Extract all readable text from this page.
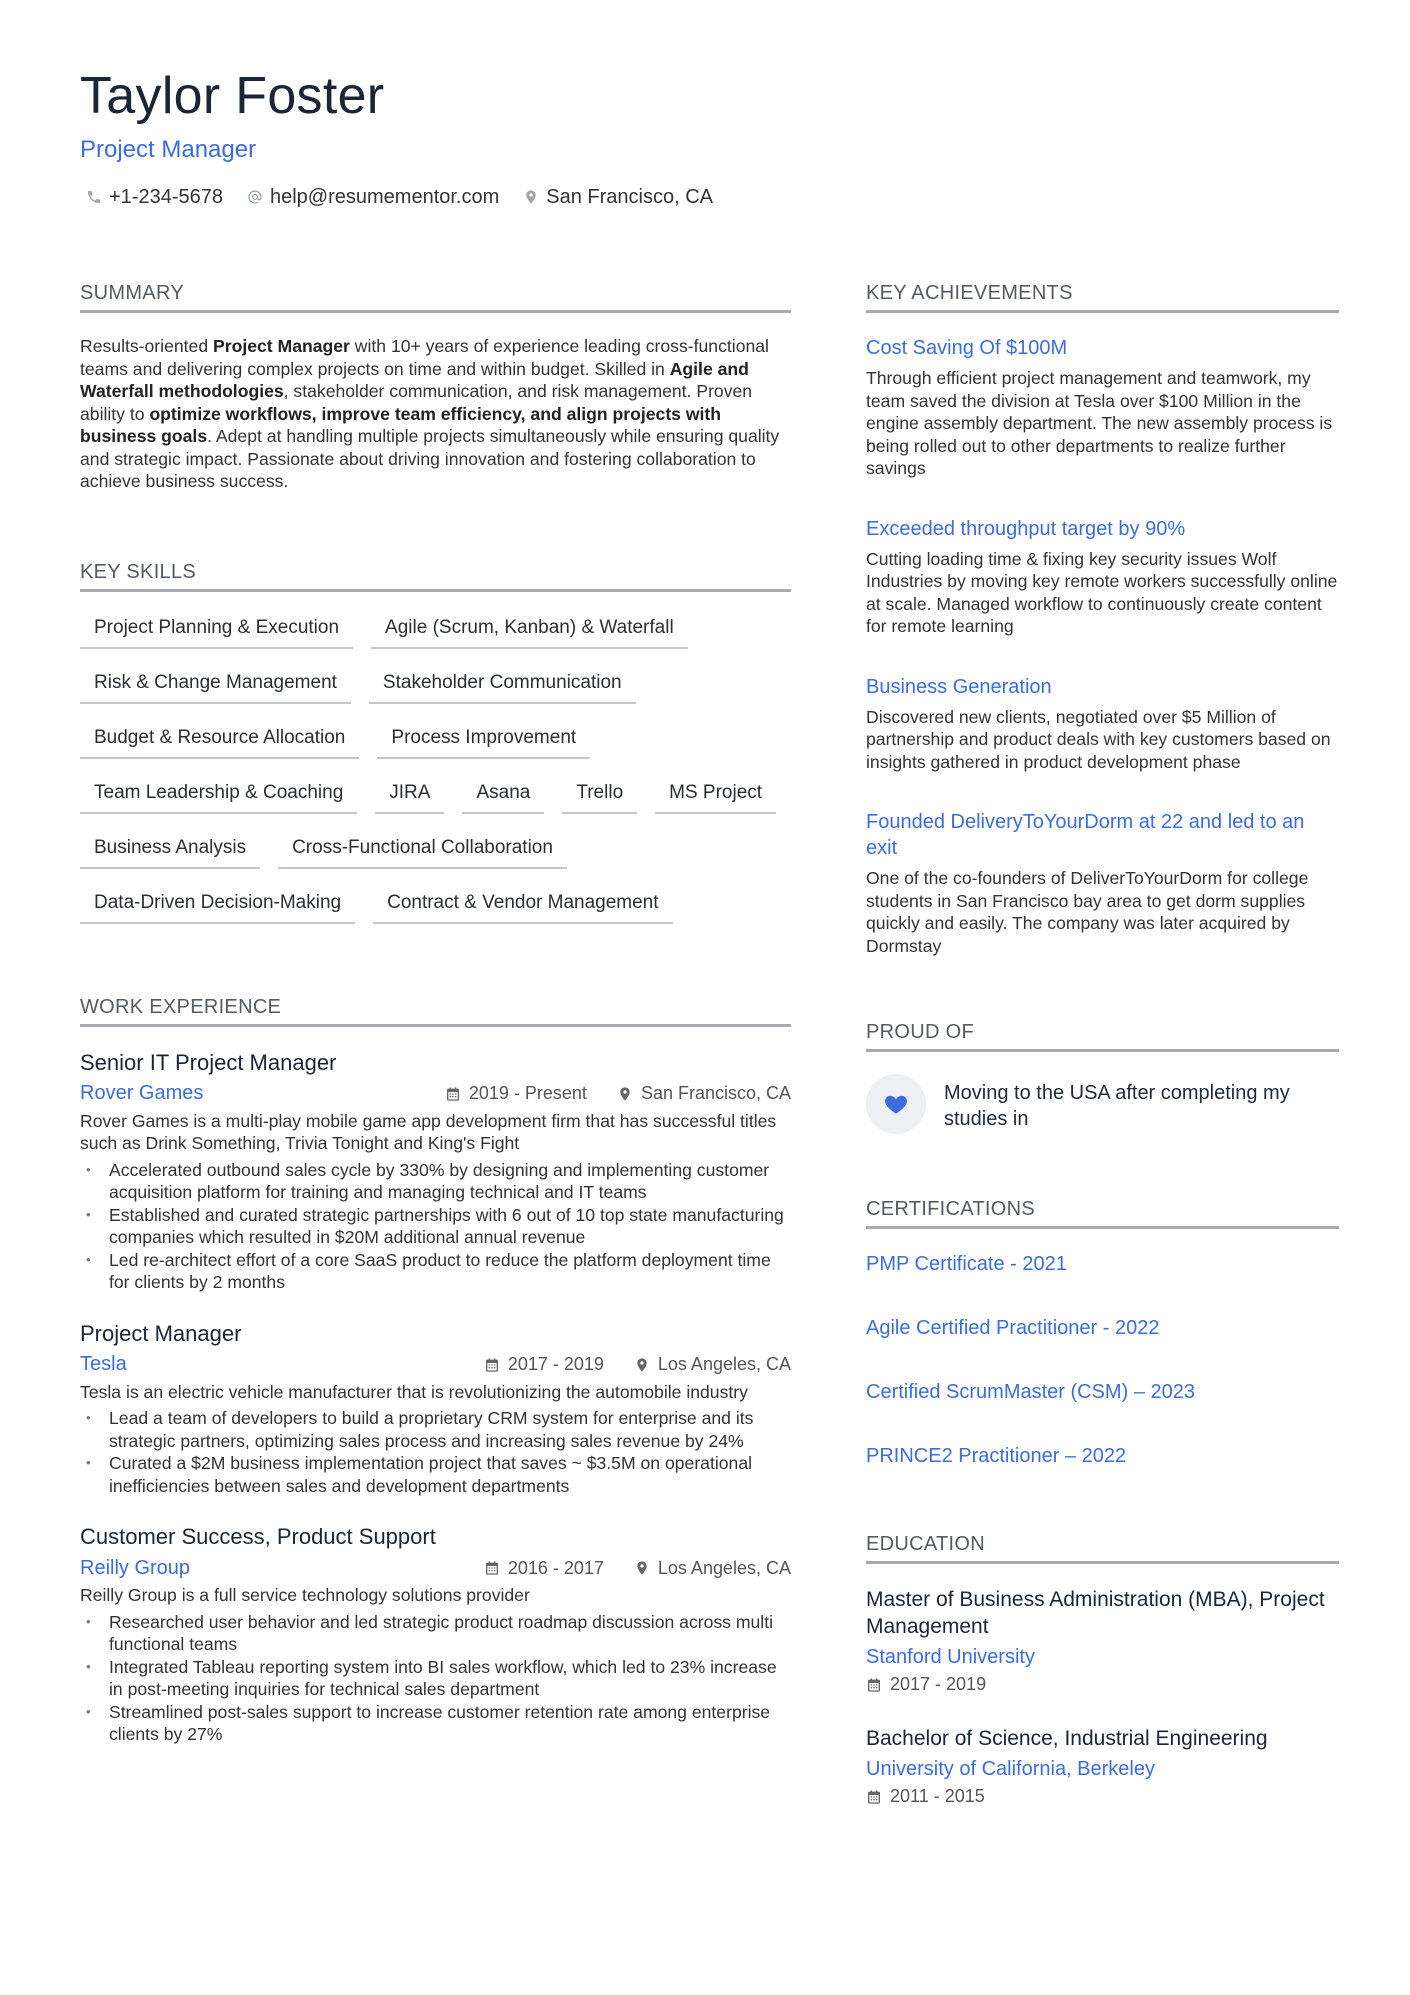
Taylor Foster
Project Manager
+1-234-5678 help@resumementor.com San Francisco, CA
SUMMARY
Results-oriented Project Manager with 10+ years of experience leading cross-functional teams and delivering complex projects on time and within budget. Skilled in Agile and Waterfall methodologies, stakeholder communication, and risk management. Proven ability to optimize workflows, improve team efficiency, and align projects with business goals. Adept at handling multiple projects simultaneously while ensuring quality and strategic impact. Passionate about driving innovation and fostering collaboration to achieve business success.
KEY SKILLS
Project Planning & Execution	Agile (Scrum, Kanban) & Waterfall
Risk & Change Management	Stakeholder Communication
Budget & Resource Allocation	Process Improvement
Team Leadership & Coaching	JIRA	Asana	Trello	MS Project
Business Analysis	Cross-Functional Collaboration
Data-Driven Decision-Making	Contract & Vendor Management
WORK EXPERIENCE
Senior IT Project Manager
Rover Games	2019 - Present	San Francisco, CA
Rover Games is a multi-play mobile game app development firm that has successful titles such as Drink Something, Trivia Tonight and King's Fight
• Accelerated outbound sales cycle by 330% by designing and implementing customer acquisition platform for training and managing technical and IT teams
• Established and curated strategic partnerships with 6 out of 10 top state manufacturing companies which resulted in $20M additional annual revenue
• Led re-architect effort of a core SaaS product to reduce the platform deployment time for clients by 2 months
Project Manager
Tesla	2017 - 2019	Los Angeles, CA
Tesla is an electric vehicle manufacturer that is revolutionizing the automobile industry
• Lead a team of developers to build a proprietary CRM system for enterprise and its strategic partners, optimizing sales process and increasing sales revenue by 24%
• Curated a $2M business implementation project that saves ~ $3.5M on operational inefficiencies between sales and development departments
Customer Success, Product Support
Reilly Group	2016 - 2017	Los Angeles, CA
Reilly Group is a full service technology solutions provider
• Researched user behavior and led strategic product roadmap discussion across multi functional teams
• Integrated Tableau reporting system into BI sales workflow, which led to 23% increase in post-meeting inquiries for technical sales department
• Streamlined post-sales support to increase customer retention rate among enterprise clients by 27%
KEY ACHIEVEMENTS
Cost Saving Of $100M
Through efficient project management and teamwork, my team saved the division at Tesla over $100 Million in the engine assembly department. The new assembly process is being rolled out to other departments to realize further savings
Exceeded throughput target by 90%
Cutting loading time & fixing key security issues Wolf Industries by moving key remote workers successfully online at scale. Managed workflow to continuously create content for remote learning
Business Generation
Discovered new clients, negotiated over $5 Million of partnership and product deals with key customers based on insights gathered in product development phase
Founded DeliveryToYourDorm at 22 and led to an exit
One of the co-founders of DeliverToYourDorm for college students in San Francisco bay area to get dorm supplies quickly and easily. The company was later acquired by Dormstay
PROUD OF
Moving to the USA after completing my studies in
CERTIFICATIONS
PMP Certificate - 2021
Agile Certified Practitioner - 2022
Certified ScrumMaster (CSM) – 2023
PRINCE2 Practitioner – 2022
EDUCATION
Master of Business Administration (MBA), Project Management
Stanford University
2017 - 2019
Bachelor of Science, Industrial Engineering
University of California, Berkeley
2011 - 2015
